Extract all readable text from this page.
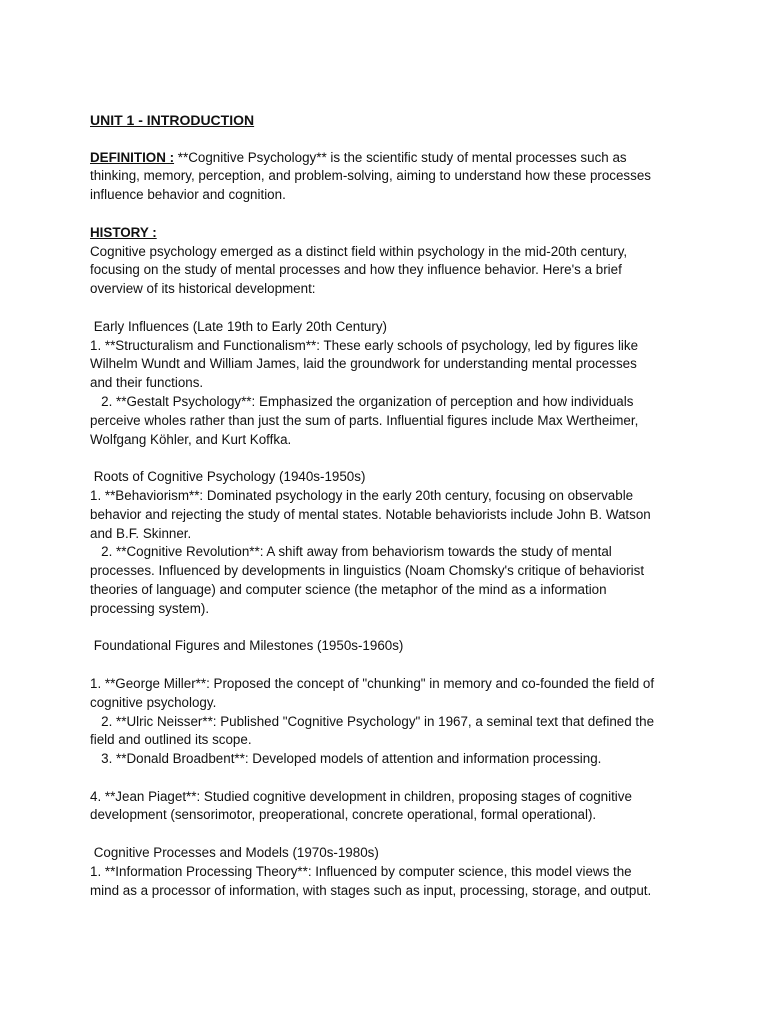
UNIT 1 - INTRODUCTION
DEFINITION : **Cognitive Psychology** is the scientific study of mental processes such as
thinking, memory, perception, and problem-solving, aiming to understand how these processes
influence behavior and cognition.
HISTORY :
Cognitive psychology emerged as a distinct field within psychology in the mid-20th century,
focusing on the study of mental processes and how they influence behavior. Here's a brief
overview of its historical development:
Early Influences (Late 19th to Early 20th Century)
1. **Structuralism and Functionalism**: These early schools of psychology, led by figures like
Wilhelm Wundt and William James, laid the groundwork for understanding mental processes
and their functions.
2. **Gestalt Psychology**: Emphasized the organization of perception and how individuals
perceive wholes rather than just the sum of parts. Influential figures include Max Wertheimer,
Wolfgang Köhler, and Kurt Koffka.
Roots of Cognitive Psychology (1940s-1950s)
1. **Behaviorism**: Dominated psychology in the early 20th century, focusing on observable
behavior and rejecting the study of mental states. Notable behaviorists include John B. Watson
and B.F. Skinner.
2. **Cognitive Revolution**: A shift away from behaviorism towards the study of mental
processes. Influenced by developments in linguistics (Noam Chomsky's critique of behaviorist
theories of language) and computer science (the metaphor of the mind as a information
processing system).
Foundational Figures and Milestones (1950s-1960s)
1. **George Miller**: Proposed the concept of "chunking" in memory and co-founded the field of
cognitive psychology.
2. **Ulric Neisser**: Published "Cognitive Psychology" in 1967, a seminal text that defined the
field and outlined its scope.
3. **Donald Broadbent**: Developed models of attention and information processing.
4. **Jean Piaget**: Studied cognitive development in children, proposing stages of cognitive
development (sensorimotor, preoperational, concrete operational, formal operational).
Cognitive Processes and Models (1970s-1980s)
1. **Information Processing Theory**: Influenced by computer science, this model views the
mind as a processor of information, with stages such as input, processing, storage, and output.
